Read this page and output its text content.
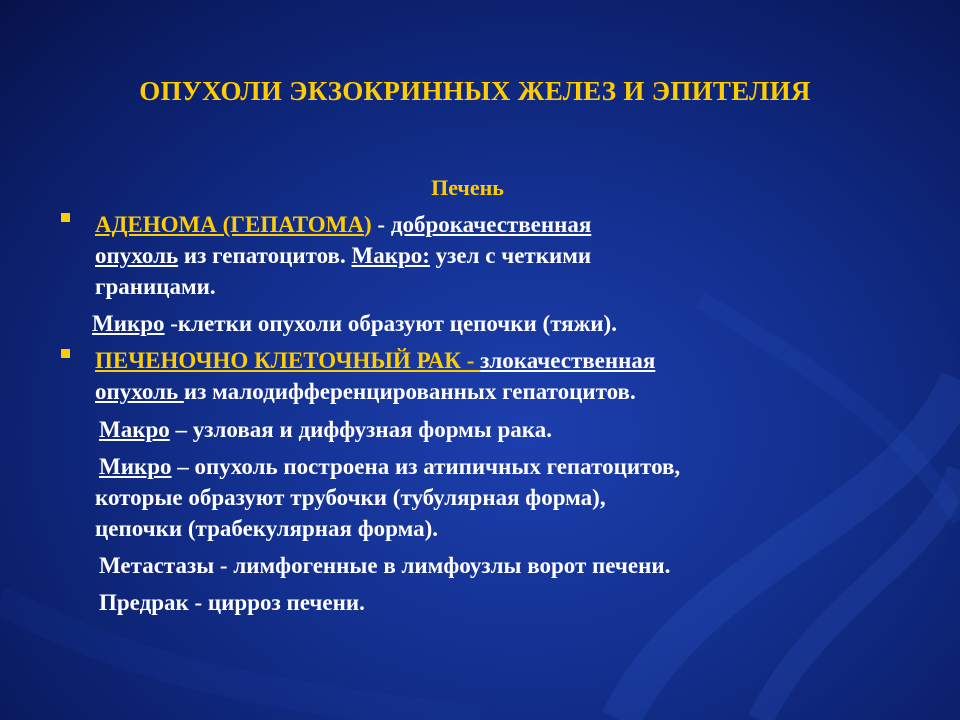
ОПУХОЛИ ЭКЗОКРИННЫХ ЖЕЛЕЗ И ЭПИТЕЛИЯ
Печень
АДЕНОМА (ГЕПАТОМА) - доброкачественная
опухоль из гепатоцитов. Макро: узел с четкими
границами.
Микро -клетки опухоли образуют цепочки (тяжи).
ПЕЧЕНОЧНО КЛЕТОЧНЫЙ РАК - злокачественная
опухоль из малодифференцированных гепатоцитов.
Макро – узловая и диффузная формы рака.
Микро – опухоль построена из атипичных гепатоцитов,
которые образуют трубочки (тубулярная форма),
цепочки (трабекулярная форма).
Метастазы - лимфогенные в лимфоузлы ворот печени.
Предрак - цирроз печени.
